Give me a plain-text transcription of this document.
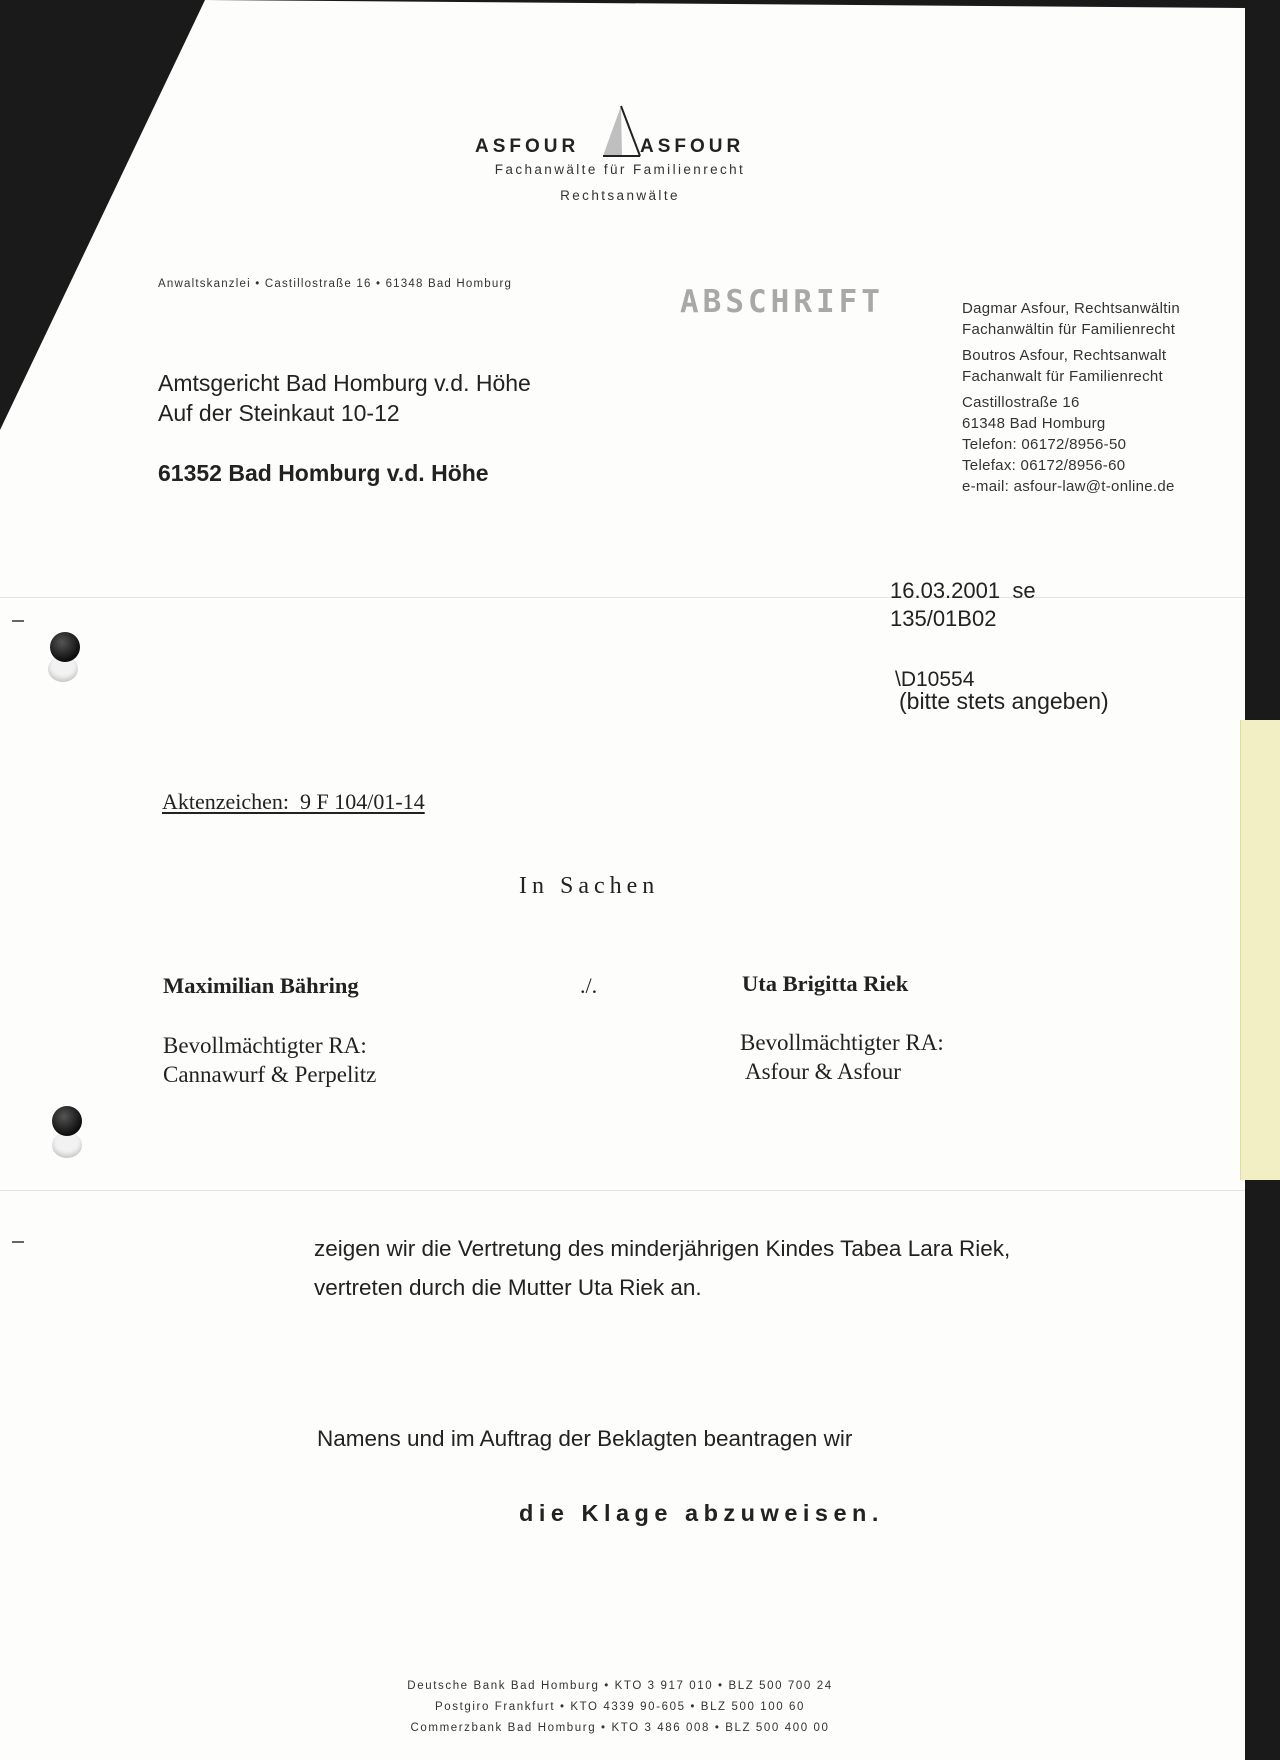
ASFOUR	ASFOUR
Fachanwälte für Familienrecht
Rechtsanwälte
Anwaltskanzlei • Castillostraße 16 • 61348 Bad Homburg	ABSCHRIFT
Amtsgericht Bad Homburg v.d. Höhe
Auf der Steinkaut 10-12
61352 Bad Homburg v.d. Höhe
Dagmar Asfour, Rechtsanwältin
Fachanwältin für Familienrecht
Boutros Asfour, Rechtsanwalt
Fachanwalt für Familienrecht
Castillostraße 16
61348 Bad Homburg
Telefon: 06172/8956-50
Telefax: 06172/8956-60
e-mail: asfour-law@t-online.de
16.03.2001  se
135/01B02
\D10554
(bitte stets angeben)
Aktenzeichen:  9 F 104/01-14
In Sachen
Maximilian Bähring	./.	Uta Brigitta Riek
Bevollmächtigter RA:
Cannawurf & Perpelitz
Bevollmächtigter RA:
Asfour & Asfour
zeigen wir die Vertretung des minderjährigen Kindes Tabea Lara Riek,
vertreten durch die Mutter Uta Riek an.
Namens und im Auftrag der Beklagten beantragen wir
die Klage abzuweisen.
Deutsche Bank Bad Homburg • KTO 3 917 010 • BLZ 500 700 24
Postgiro Frankfurt • KTO 4339 90-605 • BLZ 500 100 60
Commerzbank Bad Homburg • KTO 3 486 008 • BLZ 500 400 00
